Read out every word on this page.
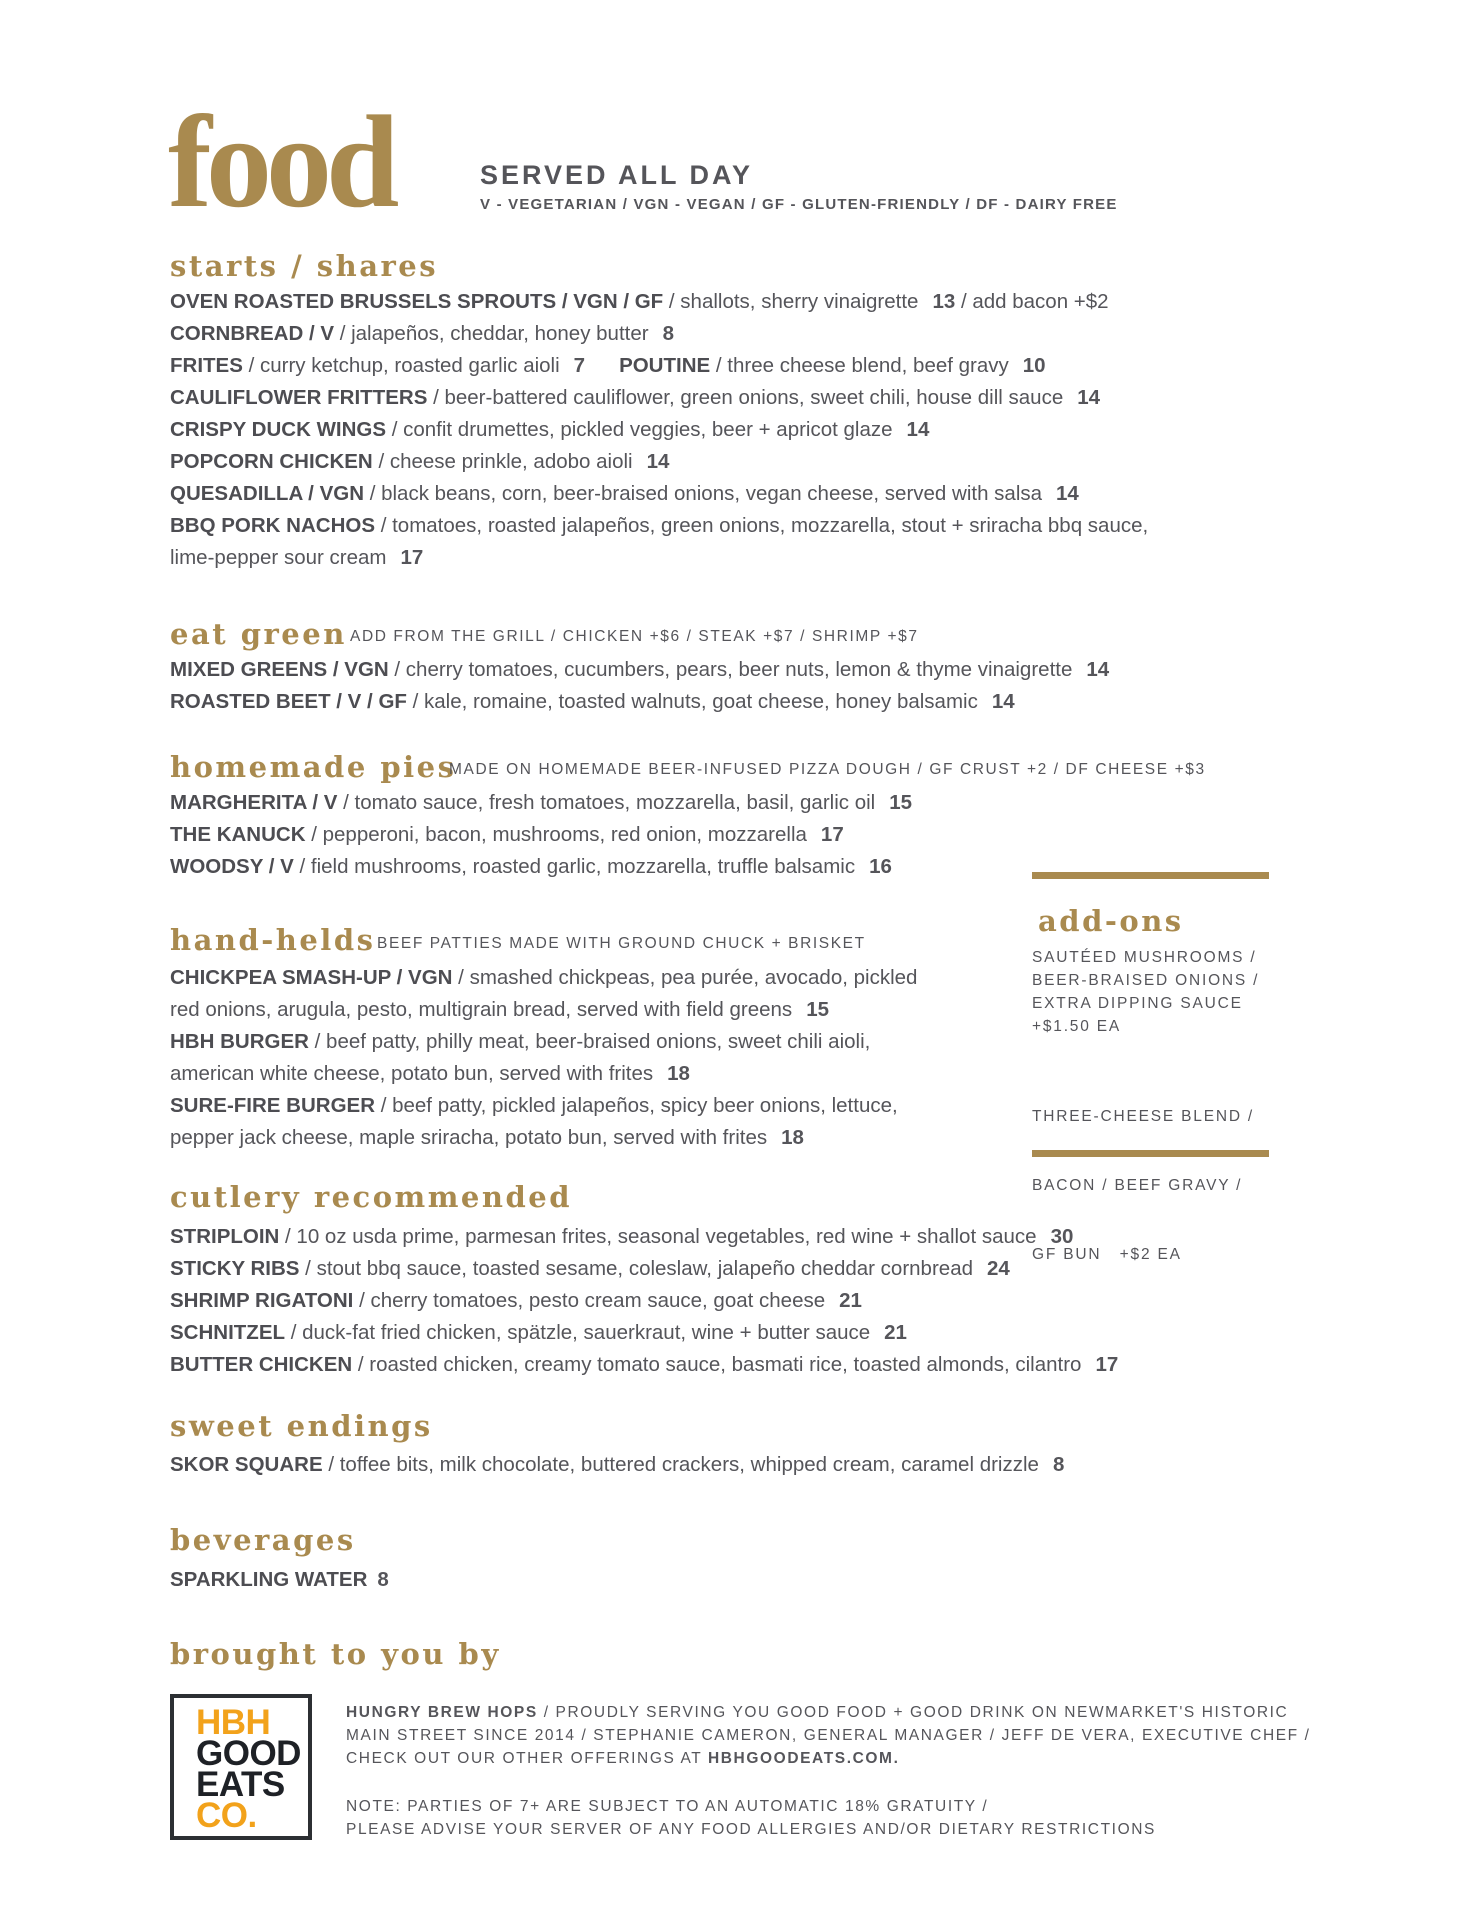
food	SERVED ALL DAY
V - VEGETARIAN / VGN - VEGAN / GF - GLUTEN-FRIENDLY / DF - DAIRY FREE
starts / shares
OVEN ROASTED BRUSSELS SPROUTS / VGN / GF / shallots, sherry vinaigrette 13 / add bacon +$2
CORNBREAD / V / jalapeños, cheddar, honey butter 8
FRITES / curry ketchup, roasted garlic aioli 7 POUTINE / three cheese blend, beef gravy 10
CAULIFLOWER FRITTERS / beer-battered cauliflower, green onions, sweet chili, house dill sauce 14
CRISPY DUCK WINGS / confit drumettes, pickled veggies, beer + apricot glaze 14
POPCORN CHICKEN / cheese prinkle, adobo aioli 14
QUESADILLA / VGN / black beans, corn, beer-braised onions, vegan cheese, served with salsa 14
BBQ PORK NACHOS / tomatoes, roasted jalapeños, green onions, mozzarella, stout + sriracha bbq sauce,
lime-pepper sour cream 17
eat green ADD FROM THE GRILL / CHICKEN +$6 / STEAK +$7 / SHRIMP +$7
MIXED GREENS / VGN / cherry tomatoes, cucumbers, pears, beer nuts, lemon & thyme vinaigrette 14
ROASTED BEET / V / GF / kale, romaine, toasted walnuts, goat cheese, honey balsamic 14
homemade pies
MADE ON HOMEMADE BEER-INFUSED PIZZA DOUGH / GF CRUST +2 / DF CHEESE +$3
MARGHERITA / V / tomato sauce, fresh tomatoes, mozzarella, basil, garlic oil 15
THE KANUCK / pepperoni, bacon, mushrooms, red onion, mozzarella 17
WOODSY / V / field mushrooms, roasted garlic, mozzarella, truffle balsamic 16
hand-helds BEEF PATTIES MADE WITH GROUND CHUCK + BRISKET
CHICKPEA SMASH-UP / VGN / smashed chickpeas, pea purée, avocado, pickled
red onions, arugula, pesto, multigrain bread, served with field greens 15
HBH BURGER / beef patty, philly meat, beer-braised onions, sweet chili aioli,
american white cheese, potato bun, served with frites 18
SURE-FIRE BURGER / beef patty, pickled jalapeños, spicy beer onions, lettuce,
pepper jack cheese, maple sriracha, potato bun, served with frites 18
add-ons
SAUTÉED MUSHROOMS /
BEER-BRAISED ONIONS /
EXTRA DIPPING SAUCE
+$1.50 EA

THREE-CHEESE BLEND /

BACON / BEEF GRAVY /

GF BUN   +$2 EA

cutlery recommended
STRIPLOIN / 10 oz usda prime, parmesan frites, seasonal vegetables, red wine + shallot sauce 30
STICKY RIBS / stout bbq sauce, toasted sesame, coleslaw, jalapeño cheddar cornbread 24
SHRIMP RIGATONI / cherry tomatoes, pesto cream sauce, goat cheese 21
SCHNITZEL / duck-fat fried chicken, spätzle, sauerkraut, wine + butter sauce 21
BUTTER CHICKEN / roasted chicken, creamy tomato sauce, basmati rice, toasted almonds, cilantro 17
sweet endings
SKOR SQUARE / toffee bits, milk chocolate, buttered crackers, whipped cream, caramel drizzle 8
beverages
SPARKLING WATER 8
brought to you by
HBH
GOOD
EATS
CO.
HUNGRY BREW HOPS / PROUDLY SERVING YOU GOOD FOOD + GOOD DRINK ON NEWMARKET'S HISTORIC
MAIN STREET SINCE 2014 / STEPHANIE CAMERON, GENERAL MANAGER / JEFF DE VERA, EXECUTIVE CHEF /
CHECK OUT OUR OTHER OFFERINGS AT HBHGOODEATS.COM.
NOTE: PARTIES OF 7+ ARE SUBJECT TO AN AUTOMATIC 18% GRATUITY /
PLEASE ADVISE YOUR SERVER OF ANY FOOD ALLERGIES AND/OR DIETARY RESTRICTIONS
